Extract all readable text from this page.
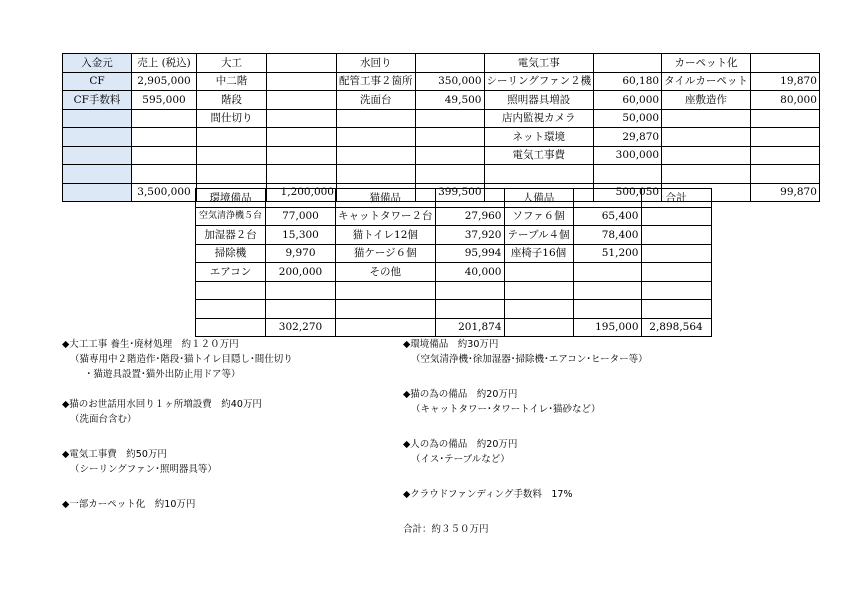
入金元	売上 (税込)	大工		水回り		電気工事		カーペット化	
CF	2,905,000	中二階		配管工事２箇所	350,000	シーリングファン２機	60,180	タイルカーペット	19,870
CF手数料	595,000	階段		洗面台	49,500	照明器具増設	60,000	座敷造作	80,000
		間仕切り				店内監視カメラ	50,000		
						ネット環境	29,870		
						電気工事費	300,000		

	3,500,000		1,200,000		399,500		500,050		99,870
環境備品		猫備品		人備品		合計
空気清浄機５台	77,000	キャットタワー２台	27,960	ソファ６個	65,400	
加湿器２台	15,300	猫トイレ12個	37,920	テーブル４個	78,400	
掃除機	9,970	猫ケージ６個	95,994	座椅子16個	51,200	
エアコン	200,000	その他	40,000			

	302,270		201,874		195,000	2,898,564

◆大工工事 養生･廃材処理　約１２０万円

（猫専用中２階造作･階段･猫トイレ目隠し･間仕切り

・猫遊具設置･猫外出防止用ドア等）

◆猫のお世話用水回り１ヶ所増設費　約40万円

（洗面台含む）

◆電気工事費　約50万円

（シーリングファン･照明器具等）

◆一部カーペット化　約10万円

◆環境備品　約30万円

（空気清浄機･徐加湿器･掃除機･エアコン･ヒーター等）

◆猫の為の備品　約20万円

（キャットタワー･タワートイレ･猫砂など）

◆人の為の備品　約20万円

（イス･テーブルなど）

◆クラウドファンディング手数料　17%

合計：約３５０万円
